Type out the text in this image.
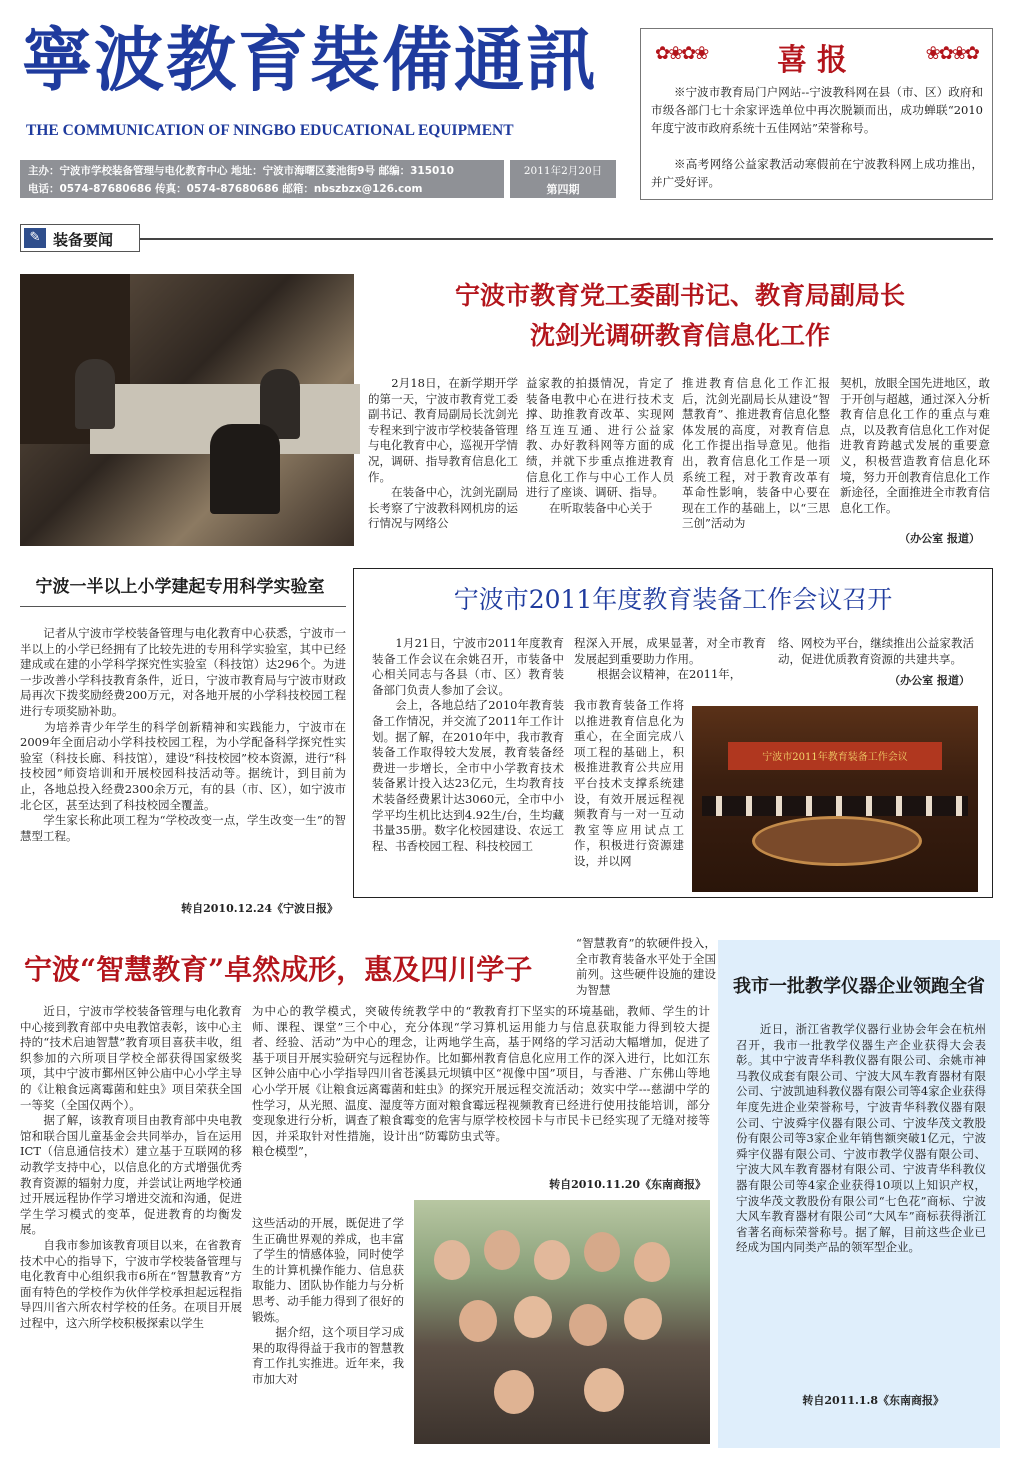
寧波教育裝備通訊
THE COMMUNICATION OF NINGBO EDUCATIONAL EQUIPMENT
主办：宁波市学校装备管理与电化教育中心 地址：宁波市海曙区菱池街9号 邮编：315010
电话：0574-87680686 传真：0574-87680686 邮箱：nbszbzx@126.com
2011年2月20日
第四期
✿❀✿❀	喜报	❀✿❀✿
※宁波市教育局门户网站--宁波教科网在县（市、区）政府和市级各部门七十余家评选单位中再次脱颖而出，成功蝉联“2010年度宁波市政府系统十五佳网站”荣誉称号。
※高考网络公益家教活动寒假前在宁波教科网上成功推出，并广受好评。
✎ 装备要闻
宁波市教育党工委副书记、教育局副局长
沈剑光调研教育信息化工作
　　2月18日，在新学期开学的第一天，宁波市教育党工委副书记、教育局副局长沈剑光专程来到宁波市学校装备管理与电化教育中心，巡视开学情况，调研、指导教育信息化工作。
　　在装备中心，沈剑光副局长考察了宁波教科网机房的运行情况与网络公
益家教的拍摄情况，肯定了装备电教中心在进行技术支撑、助推教育改革、实现网络互连互通、进行公益家教、办好教科网等方面的成绩，并就下步重点推进教育信息化工作与中心工作人员进行了座谈、调研、指导。
　　在听取装备中心关于
推进教育信息化工作汇报后，沈剑光副局长从建设“智慧教育”、推进教育信息化整体发展的高度，对教育信息化工作提出指导意见。他指出，教育信息化工作是一项系统工程，对于教育改革有革命性影响，装备中心要在现在工作的基础上，以“三思三创”活动为
契机，放眼全国先进地区，敢于开创与超越，通过深入分析教育信息化工作的重点与难点，以及教育信息化工作对促进教育跨越式发展的重要意义，积极营造教育信息化环境，努力开创教育信息化工作新途径，全面推进全市教育信息化工作。
（办公室 报道）
宁波一半以上小学建起专用科学实验室
　　记者从宁波市学校装备管理与电化教育中心获悉，宁波市一半以上的小学已经拥有了比较先进的专用科学实验室，其中已经建成或在建的小学科学探究性实验室（科技馆）达296个。为进一步改善小学科技教育条件，近日，宁波市教育局与宁波市财政局再次下拨奖励经费200万元，对各地开展的小学科技校园工程进行专项奖励补助。
　　为培养青少年学生的科学创新精神和实践能力，宁波市在2009年全面启动小学科技校园工程，为小学配备科学探究性实验室（科技长廊、科技馆），建设“科技校园”校本资源，进行“科技校园”师资培训和开展校园科技活动等。据统计，到目前为止，各地总投入经费2300余万元，有的县（市、区），如宁波市北仑区，甚至达到了科技校园全覆盖。
　　学生家长称此项工程为“学校改变一点，学生改变一生”的智慧型工程。
转自2010.12.24《宁波日报》
宁波市2011年度教育装备工作会议召开
　　1月21日，宁波市2011年度教育装备工作会议在余姚召开，市装备中心相关同志与各县（市、区）教育装备部门负责人参加了会议。
　　会上，各地总结了2010年教育装备工作情况，并交流了2011年工作计划。据了解，在2010年中，我市教育装备工作取得较大发展，教育装备经费进一步增长，全市中小学教育技术装备累计投入达23亿元，生均教育技术装备经费累计达3060元，全市中小学平均生机比达到4.92生/台，生均藏书量35册。数字化校园建设、农远工程、书香校园工程、科技校园工
程深入开展，成果显著，对全市教育发展起到重要助力作用。
　　根据会议精神，在2011年，
我市教育装备工作将以推进教育信息化为重心，在全面完成八项工程的基础上，积极推进教育公共应用平台技术支撑系统建设，有效开展远程视频教育与一对一互动教室等应用试点工作，积极进行资源建设，并以网
络、网校为平台，继续推出公益家教活动，促进优质教育资源的共建共享。
（办公室 报道）
宁波市2011年教育装备工作会议
宁波“智慧教育”卓然成形，惠及四川学子
“智慧教育”的软硬件投入，全市教育装备水平处于全国前列。这些硬件设施的建设为智慧
　　近日，宁波市学校装备管理与电化教育中心接到教育部中央电教馆表彰，该中心主持的“技术启迪智慧”教育项目喜获丰收，组织参加的六所项目学校全部获得国家级奖项，其中宁波市鄞州区钟公庙中心小学主导的《让粮食远离霉菌和蛀虫》项目荣获全国一等奖（全国仅两个）。
　　据了解，该教育项目由教育部中央电教馆和联合国儿童基金会共同举办，旨在运用ICT（信息通信技术）建立基于互联网的移动教学支持中心，以信息化的方式增强优秀教育资源的辐射力度，并尝试让两地学校通过开展远程协作学习增进交流和沟通，促进学生学习模式的变革，促进教育的均衡发展。
　　自我市参加该教育项目以来，在省教育技术中心的指导下，宁波市学校装备管理与电化教育中心组织我市6所在“智慧教育”方面有特色的学校作为伙伴学校承担起远程指导四川省六所农村学校的任务。在项目开展过程中，这六所学校积极探索以学生
为中心的教学模式，突破传统教学中的“教师、课程、课堂”三个中心，充分体现“学习者、经验、活动”为中心的理念，让两地学生基于项目开展实验研究与远程协作。比如鄞州区钟公庙中心小学指导四川省苍溪县元坝镇中心小学开展《让粮食远离霉菌和蛀虫》的探究性学习，从光照、温度、湿度等方面对粮食霉变现象进行分析，调查了粮食霉变的危害与原因，并采取针对性措施，设计出“防霉防虫式粮仓模型”，
这些活动的开展，既促进了学生正确世界观的养成，也丰富了学生的情感体验，同时使学生的计算机操作能力、信息获取能力、团队协作能力与分析思考、动手能力得到了很好的锻炼。
　　据介绍，这个项目学习成果的取得得益于我市的智慧教育工作扎实推进。近年来，我市加大对
教育打下坚实的环境基础，教师、学生的计算机运用能力与信息获取能力得到较大提高，基于网络的学习活动大幅增加，促进了教育信息化应用工作的深入进行，比如江东区“视像中国”项目，与香港、广东佛山等地开展远程交流活动；效实中学---慈湖中学的远程视频教育已经进行使用技能培训，部分学校校园卡与市民卡已经实现了无缝对接等等。
转自2010.11.20《东南商报》
我市一批教学仪器企业领跑全省
　　近日，浙江省教学仪器行业协会年会在杭州召开，我市一批教学仪器生产企业获得大会表彰。其中宁波青华科教仪器有限公司、余姚市神马教仪成套有限公司、宁波大风车教育器材有限公司、宁波凯迪科教仪器有限公司等4家企业获得年度先进企业荣誉称号，宁波青华科教仪器有限公司、宁波舜宇仪器有限公司、宁波华茂文教股份有限公司等3家企业年销售额突破1亿元，宁波舜宇仪器有限公司、宁波市教学仪器有限公司、宁波大风车教育器材有限公司、宁波青华科教仪器有限公司等4家企业获得10项以上知识产权，宁波华茂文教股份有限公司“七色花”商标、宁波大风车教育器材有限公司“大风车”商标获得浙江省著名商标荣誉称号。据了解，目前这些企业已经成为国内同类产品的领军型企业。
转自2011.1.8《东南商报》
